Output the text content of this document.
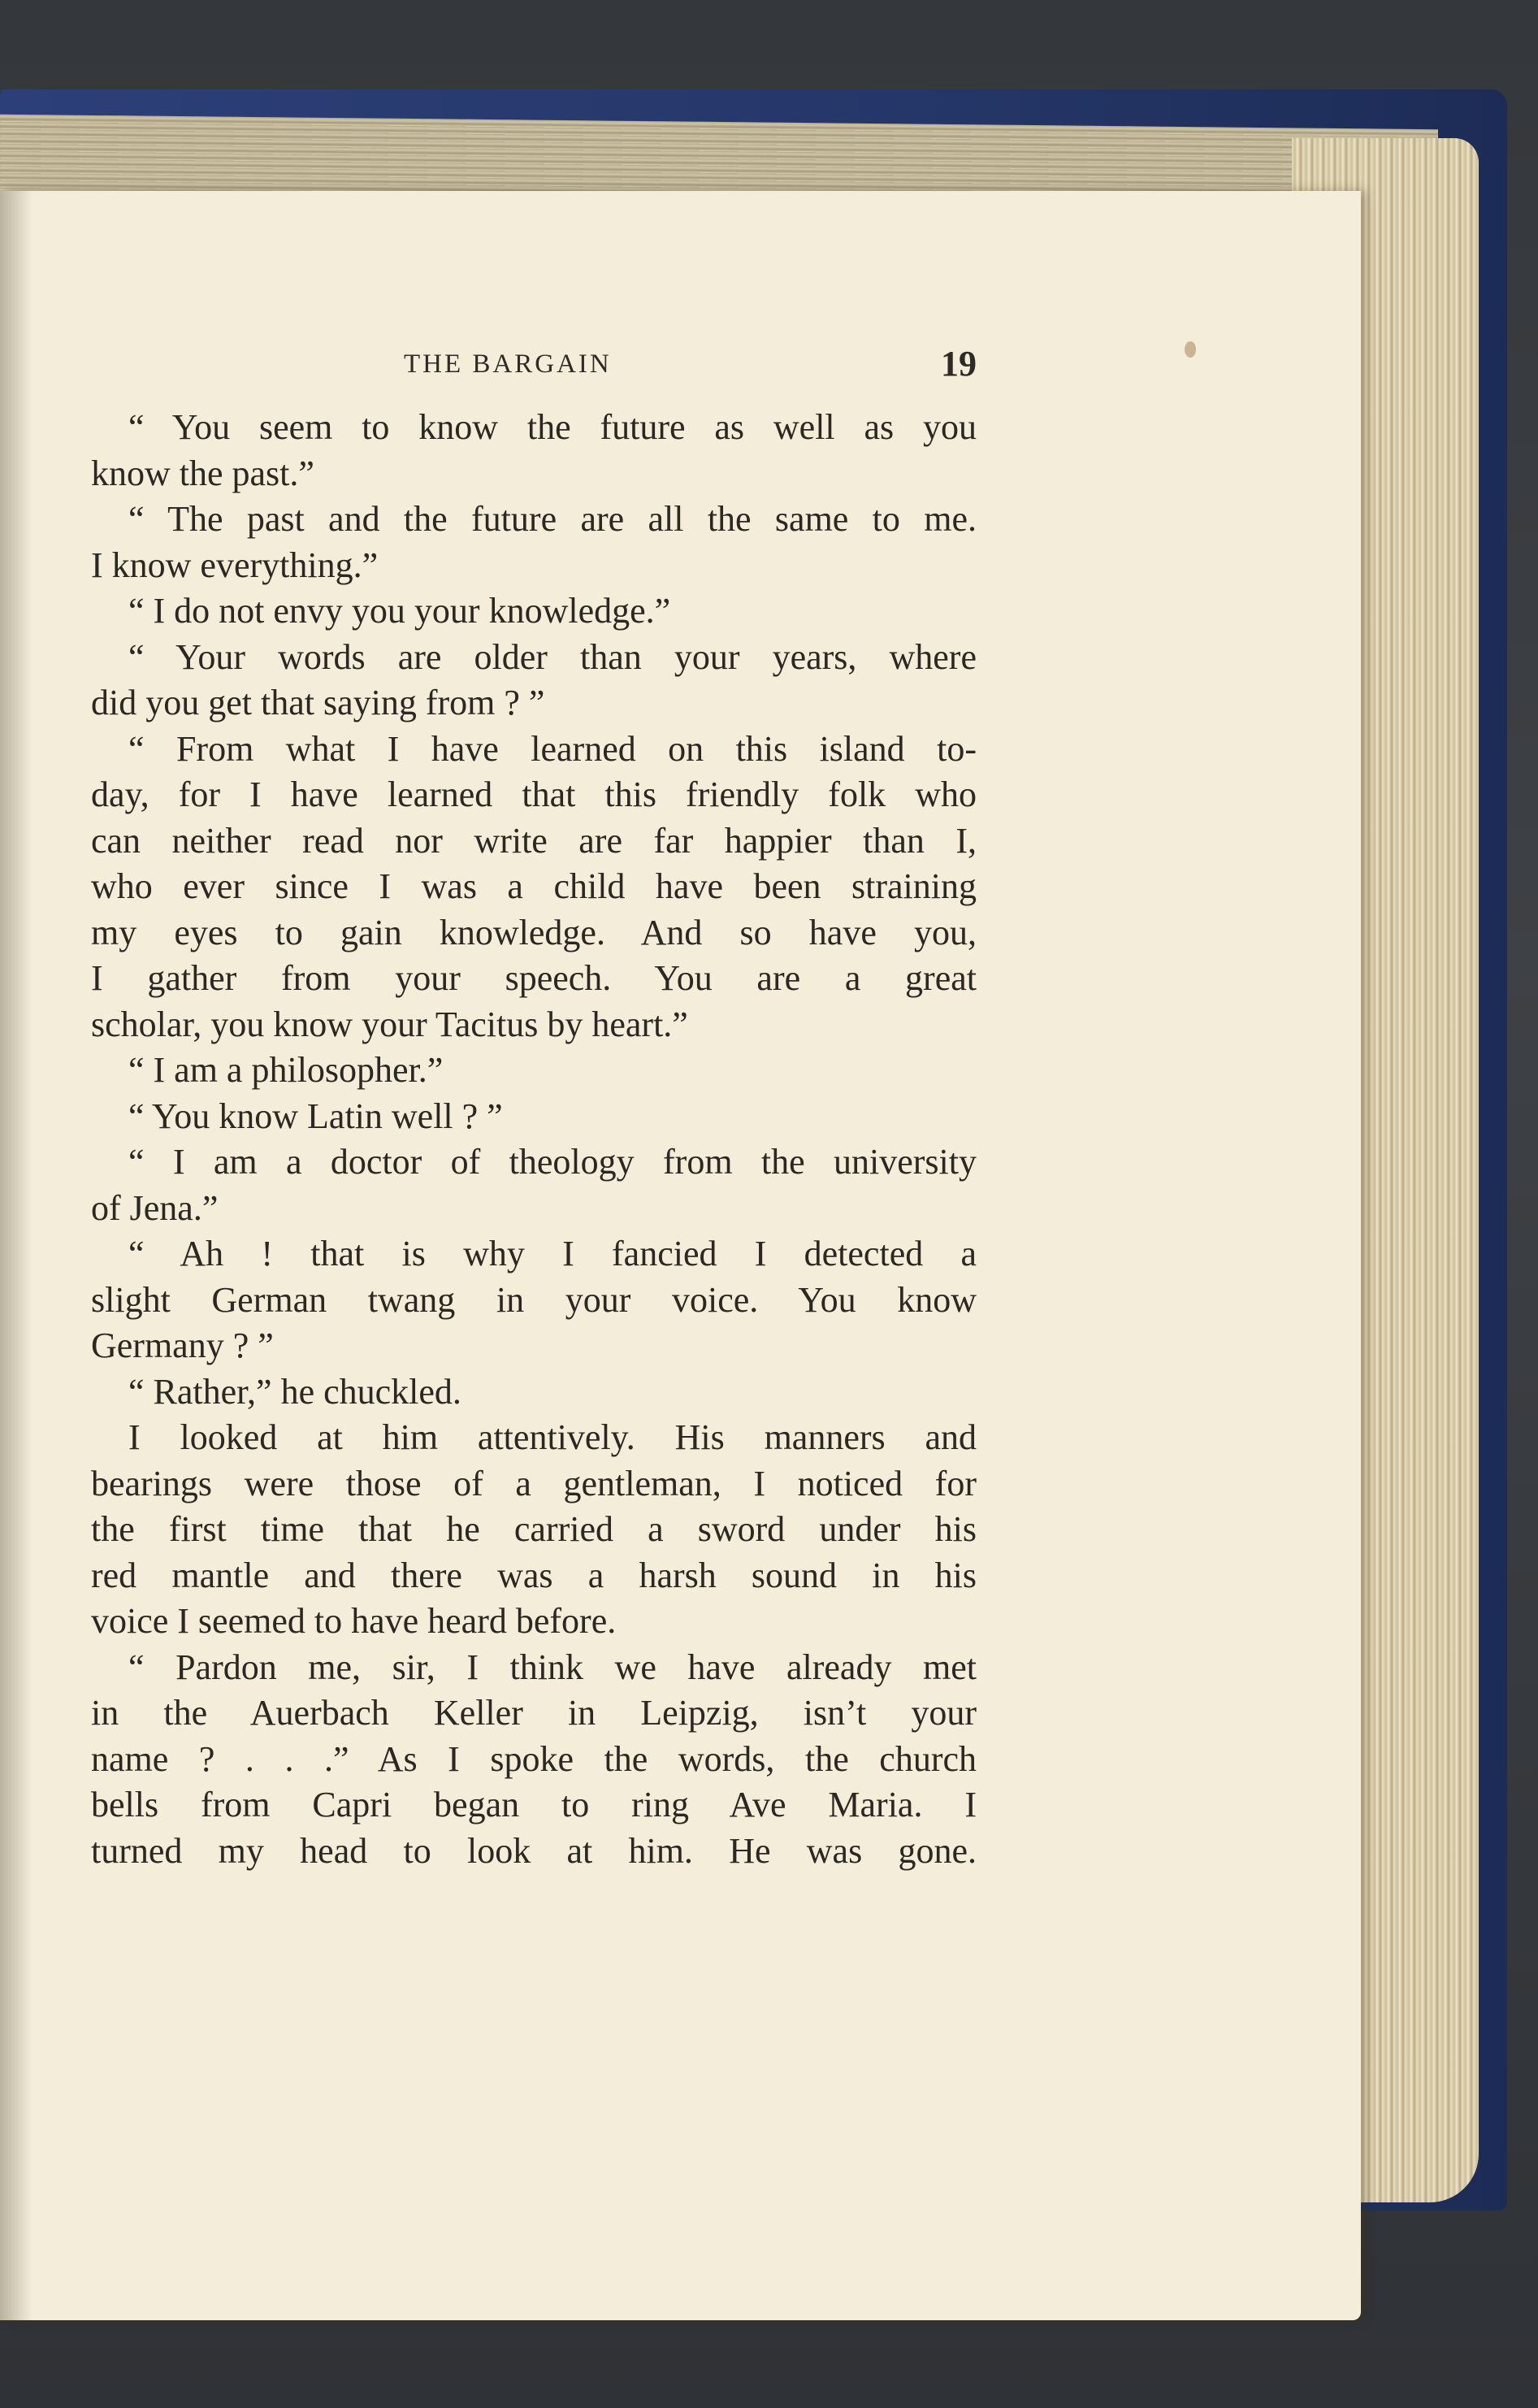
THE BARGAIN	19
“ You seem to know the future as well as you
know the past.”
“ The past and the future are all the same to me.
I know everything.”
“ I do not envy you your knowledge.”
“ Your words are older than your years, where
did you get that saying from ? ”
“ From what I have learned on this island to-
day, for I have learned that this friendly folk who
can neither read nor write are far happier than I,
who ever since I was a child have been straining
my eyes to gain knowledge. And so have you,
I gather from your speech. You are a great
scholar, you know your Tacitus by heart.”
“ I am a philosopher.”
“ You know Latin well ? ”
“ I am a doctor of theology from the university
of Jena.”
“ Ah ! that is why I fancied I detected a
slight German twang in your voice. You know
Germany ? ”
“ Rather,” he chuckled.
I looked at him attentively. His manners and
bearings were those of a gentleman, I noticed for
the first time that he carried a sword under his
red mantle and there was a harsh sound in his
voice I seemed to have heard before.
“ Pardon me, sir, I think we have already met
in the Auerbach Keller in Leipzig, isn’t your
name ? . . .” As I spoke the words, the church
bells from Capri began to ring Ave Maria. I
turned my head to look at him. He was gone.
